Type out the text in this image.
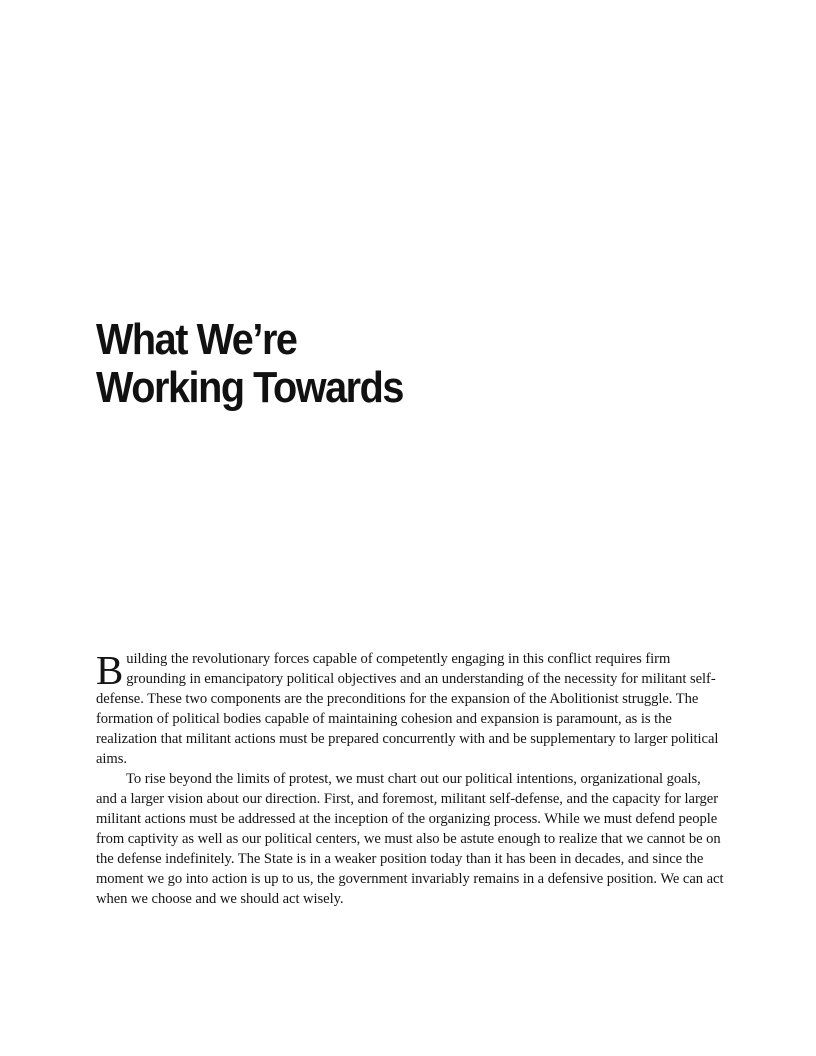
What We’re
Working Towards

Building the revolutionary forces capable of competently engaging in this conflict requires firm grounding in emancipatory political objectives and an understanding of the necessity for militant self-defense. These two components are the preconditions for the expansion of the Abolitionist struggle. The formation of political bodies capable of maintaining cohesion and expansion is paramount, as is the realization that militant actions must be prepared concurrently with and be supplementary to larger political aims.

To rise beyond the limits of protest, we must chart out our political intentions, organizational goals, and a larger vision about our direction. First, and foremost, militant self-defense, and the capacity for larger militant actions must be addressed at the inception of the organizing process. While we must defend people from captivity as well as our political centers, we must also be astute enough to realize that we cannot be on the defense indefinitely. The State is in a weaker position today than it has been in decades, and since the moment we go into action is up to us, the government invariably remains in a defensive position. We can act when we choose and we should act wisely.
